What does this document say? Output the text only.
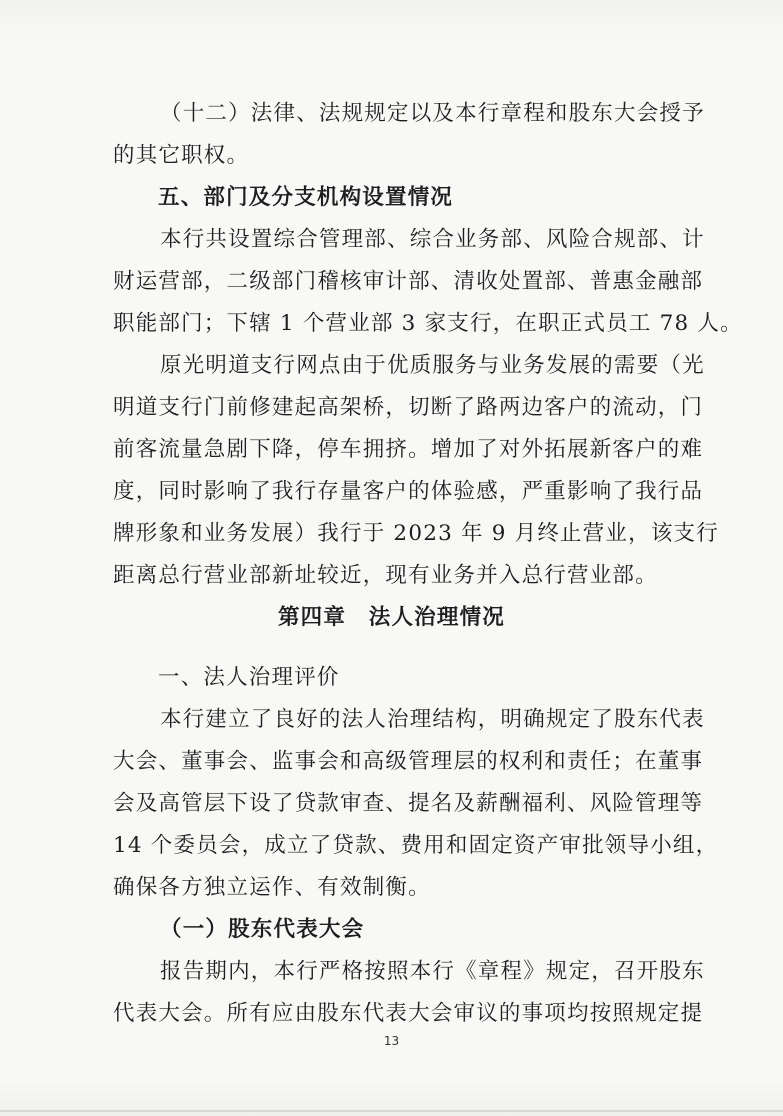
（十二）法律、法规规定以及本行章程和股东大会授予
的其它职权。
五、部门及分支机构设置情况
本行共设置综合管理部、综合业务部、风险合规部、计
财运营部，二级部门稽核审计部、清收处置部、普惠金融部
职能部门；下辖 1 个营业部 3 家支行，在职正式员工 78 人。
原光明道支行网点由于优质服务与业务发展的需要（光
明道支行门前修建起高架桥，切断了路两边客户的流动，门
前客流量急剧下降，停车拥挤。增加了对外拓展新客户的难
度，同时影响了我行存量客户的体验感，严重影响了我行品
牌形象和业务发展）我行于 2023 年 9 月终止营业，该支行
距离总行营业部新址较近，现有业务并入总行营业部。
第四章　法人治理情况
一、法人治理评价
本行建立了良好的法人治理结构，明确规定了股东代表
大会、董事会、监事会和高级管理层的权利和责任；在董事
会及高管层下设了贷款审查、提名及薪酬福利、风险管理等
14 个委员会，成立了贷款、费用和固定资产审批领导小组，
确保各方独立运作、有效制衡。
（一）股东代表大会
报告期内，本行严格按照本行《章程》规定，召开股东
代表大会。所有应由股东代表大会审议的事项均按照规定提
13
